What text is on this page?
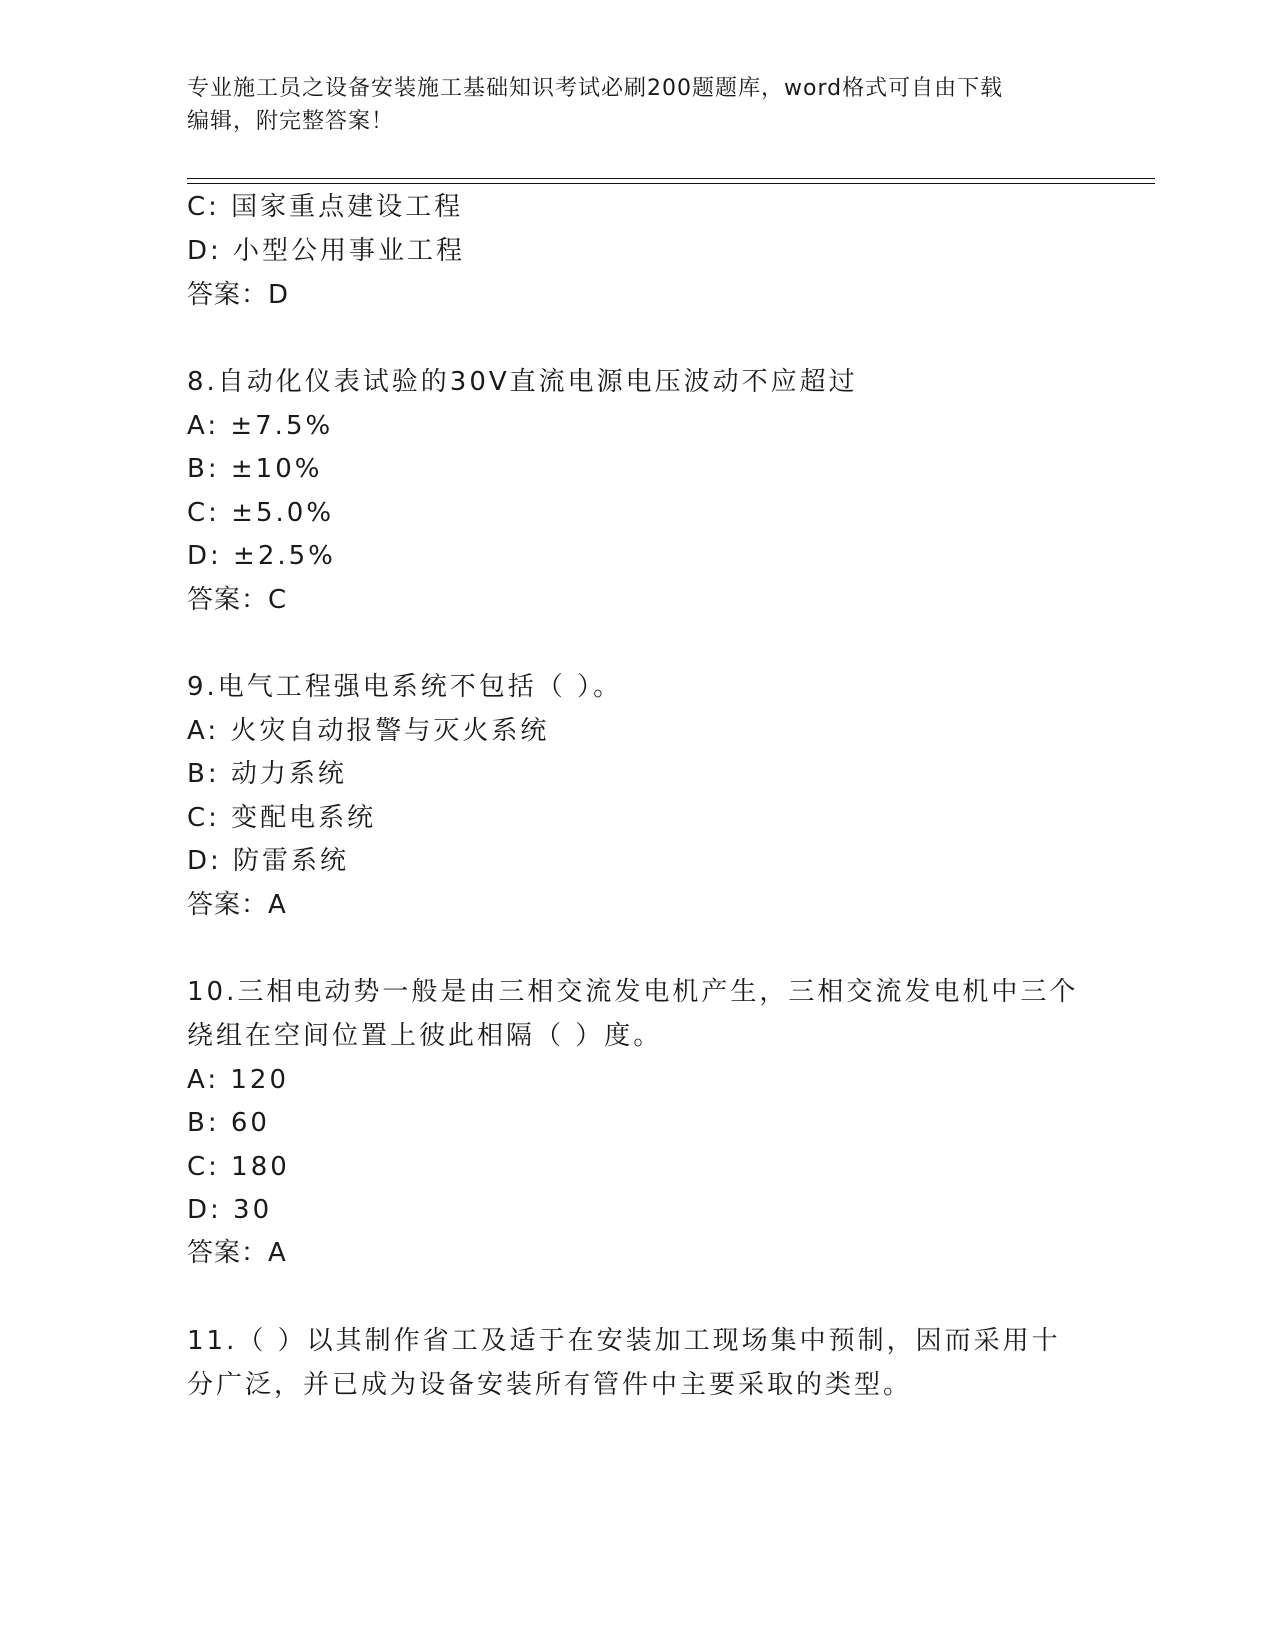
专业施工员之设备安装施工基础知识考试必刷200题题库，word格式可自由下载
编辑，附完整答案！
C: 国家重点建设工程
D: 小型公用事业工程
答案：D
8.自动化仪表试验的30V直流电源电压波动不应超过
A: ±7.5%
B: ±10%
C: ±5.0%
D: ±2.5%
答案：C
9.电气工程强电系统不包括（ ）。
A: 火灾自动报警与灭火系统
B: 动力系统
C: 变配电系统
D: 防雷系统
答案：A
10.三相电动势一般是由三相交流发电机产生，三相交流发电机中三个
绕组在空间位置上彼此相隔（ ）度。
A: 120
B: 60
C: 180
D: 30
答案：A
11.（ ）以其制作省工及适于在安装加工现场集中预制，因而采用十
分广泛，并已成为设备安装所有管件中主要采取的类型。
